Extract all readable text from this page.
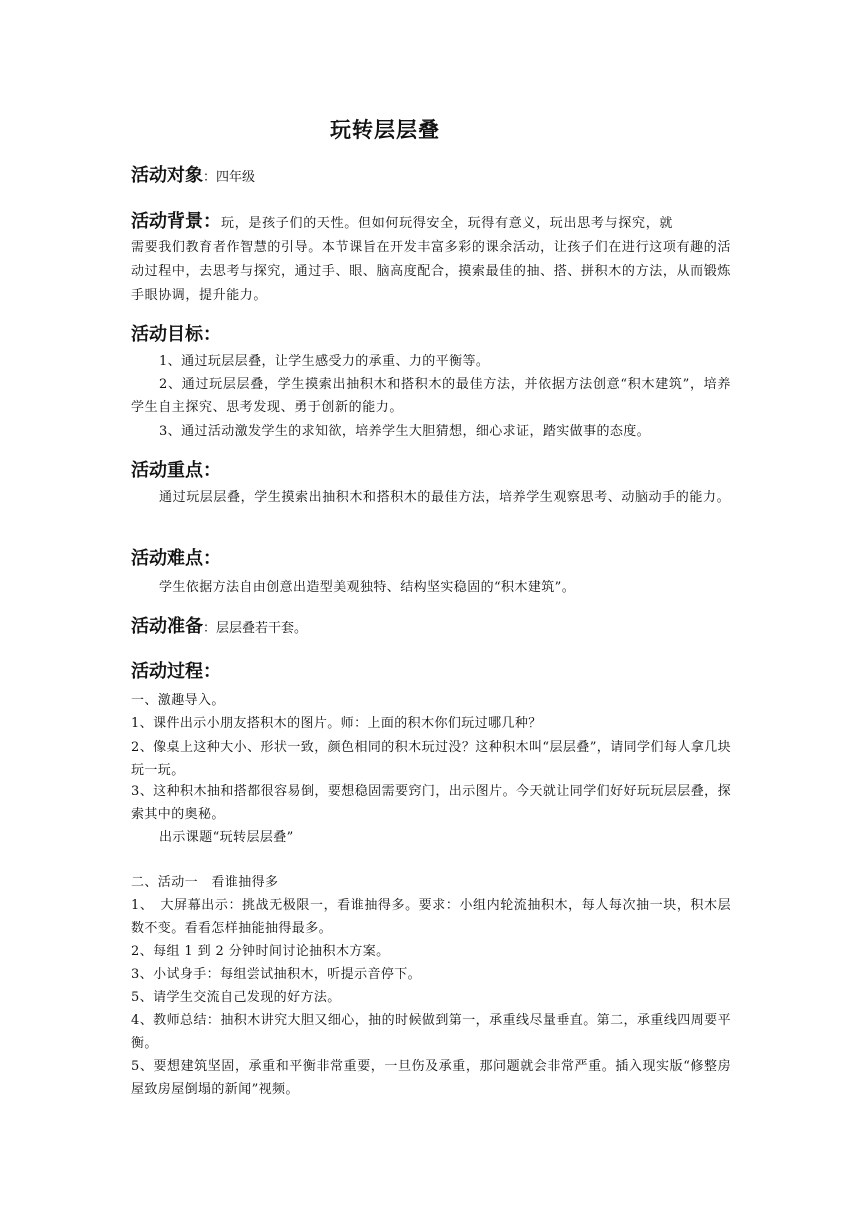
玩转层层叠
活动对象：四年级
活动背景：玩，是孩子们的天性。但如何玩得安全，玩得有意义，玩出思考与探究，就
需要我们教育者作智慧的引导。本节课旨在开发丰富多彩的课余活动，让孩子们在进行这项有趣的活动过程中，去思考与探究，通过手、眼、脑高度配合，摸索最佳的抽、搭、拼积木的方法，从而锻炼手眼协调，提升能力。
活动目标：
1、通过玩层层叠，让学生感受力的承重、力的平衡等。
2、通过玩层层叠，学生摸索出抽积木和搭积木的最佳方法，并依据方法创意“积木建筑”，培养学生自主探究、思考发现、勇于创新的能力。
3、通过活动激发学生的求知欲，培养学生大胆猜想，细心求证，踏实做事的态度。
活动重点：
通过玩层层叠，学生摸索出抽积木和搭积木的最佳方法，培养学生观察思考、动脑动手的能力。
活动难点：
学生依据方法自由创意出造型美观独特、结构坚实稳固的“积木建筑”。
活动准备：层层叠若干套。
活动过程：
一、激趣导入。
1、课件出示小朋友搭积木的图片。师：上面的积木你们玩过哪几种？
2、像桌上这种大小、形状一致，颜色相同的积木玩过没？这种积木叫“层层叠”，请同学们每人拿几块玩一玩。
3、这种积木抽和搭都很容易倒，要想稳固需要窍门，出示图片。今天就让同学们好好玩玩层层叠，探索其中的奥秘。
出示课题“玩转层层叠”
二、活动一　看谁抽得多
1、　大屏幕出示：挑战无极限一，看谁抽得多。要求：小组内轮流抽积木，每人每次抽一块，积木层数不变。看看怎样抽能抽得最多。
2、每组 1 到 2 分钟时间讨论抽积木方案。
3、小试身手：每组尝试抽积木，听提示音停下。
5、请学生交流自己发现的好方法。
4、教师总结：抽积木讲究大胆又细心，抽的时候做到第一，承重线尽量垂直。第二，承重线四周要平衡。
5、要想建筑坚固，承重和平衡非常重要，一旦伤及承重，那问题就会非常严重。插入现实版“修整房屋致房屋倒塌的新闻”视频。
